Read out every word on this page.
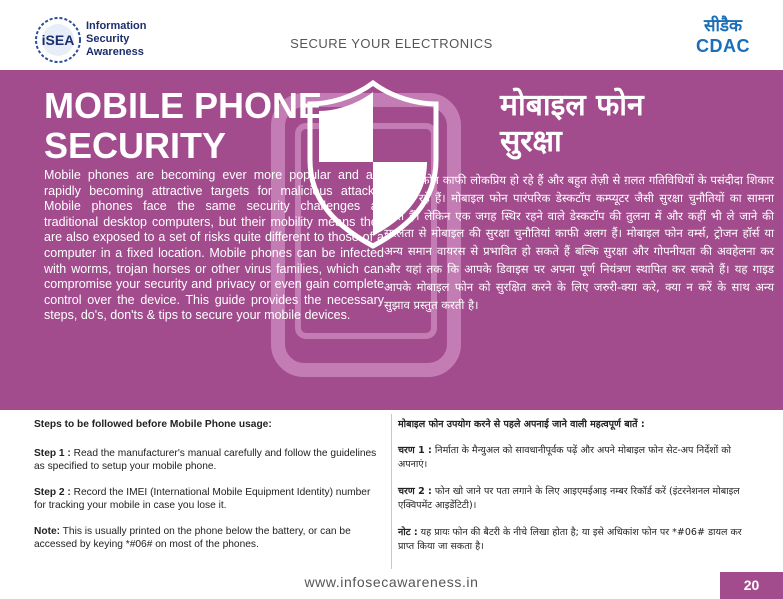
iSEA
Information
Security
Awareness
SECURE YOUR ELECTRONICS
सीडैक
CDAC
MOBILE PHONE
SECURITY
मोबाइल फोन
सुरक्षा
Mobile phones are becoming ever more popular and are rapidly becoming attractive targets for malicious attacks. Mobile phones face the same security challenges as traditional desktop computers, but their mobility means they are also exposed to a set of risks quite different to those of a computer in a fixed location. Mobile phones can be infected with worms, trojan horses or other virus families, which can compromise your security and privacy or even gain complete control over the device. This guide provides the necessary steps, do's, don'ts & tips to secure your mobile devices.
मोबाइल फोन काफी लोकप्रिय हो रहे हैं और बहुत तेज़ी से ग़लत गतिविधियों के पसंदीदा शिकार भी बन रहे हैं। मोबाइल फोन पारंपरिक डेस्कटॉप कम्प्यूटर जैसी सुरक्षा चुनौतियों का सामना करते हैं। लेकिन एक जगह स्थिर रहने वाले डेस्कटॉप की तुलना में और कहीं भी ले जाने की सरलता से मोबाइल की सुरक्षा चुनौतियां काफी अलग हैं। मोबाइल फोन वर्म्स, ट्रोजन हॉर्स या अन्य समान वायरस से प्रभावित हो सकते हैं बल्कि सुरक्षा और गोपनीयता की अवहेलना कर और यहां तक कि आपके डिवाइस पर अपना पूर्ण नियंत्रण स्थापित कर सकते हैं। यह गाइड आपके मोबाइल फोन को सुरक्षित करने के लिए जरुरी-क्या करे, क्या न करें के साथ अन्य सुझाव प्रस्तुत करती है।
Steps to be followed before Mobile Phone usage:
Step 1 : Read the manufacturer's manual carefully and follow the guidelines as specified to setup your mobile phone.
Step 2 : Record the IMEI (International Mobile Equipment Identity) number for tracking your mobile in case you lose it.
Note: This is usually printed on the phone below the battery, or can be accessed by keying *#06# on most of the phones.
मोबाइल फोन उपयोग करने से पहले अपनाई जाने वाली महत्वपूर्ण बातें :
चरण 1 : निर्माता के मैन्युअल को सावधानीपूर्वक पढ़ें और अपने मोबाइल फोन सेट-अप निर्देशों को अपनाएं।
चरण 2 : फोन खो जाने पर पता लगाने के लिए आइएमईआइ नम्बर रिकॉर्ड करें (इंटरनेशनल मोबाइल एक्विपमेंट आइडेंटिटी)।
नोट : यह प्रायः फोन की बैटरी के नीचे लिखा होता है; या इसे अधिकांश फोन पर *#06# डायल कर प्राप्त किया जा सकता है।
www.infosecawareness.in	20
